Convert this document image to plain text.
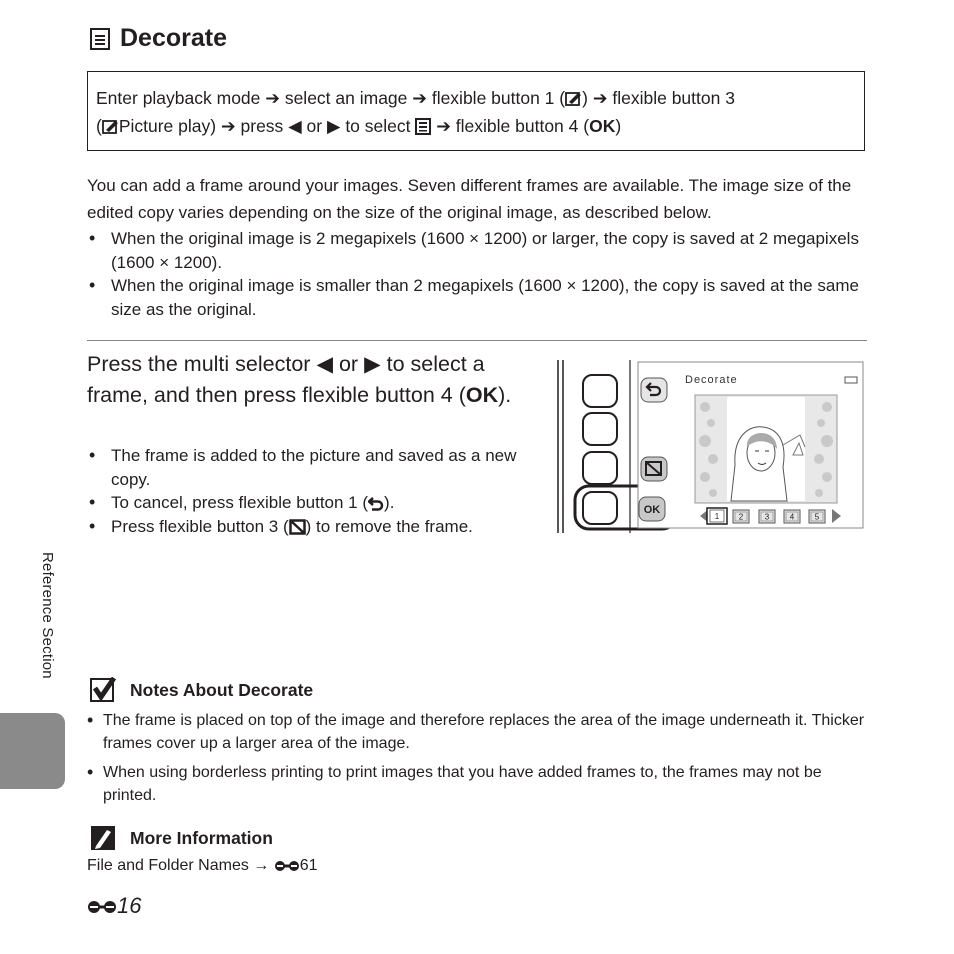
Decorate
Enter playback mode ➔ select an image ➔ flexible button 1 ( ) ➔ flexible button 3
( Picture play) ➔ press ◀ or ▶ to select ➔ flexible button 4 (OK)
You can add a frame around your images. Seven different frames are available. The image size of the edited copy varies depending on the size of the original image, as described below.
• When the original image is 2 megapixels (1600 × 1200) or larger, the copy is saved at 2 megapixels (1600 × 1200).
• When the original image is smaller than 2 megapixels (1600 × 1200), the copy is saved at the same size as the original.
Press the multi selector ◀ or ▶ to select a frame, and then press flexible button 4 (OK).
• The frame is added to the picture and saved as a new copy.
• To cancel, press flexible button 1 ( ).
• Press flexible button 3 ( ) to remove the frame.
OK
Decorate
1 2	3	4	5
Reference Section
Notes About Decorate
• The frame is placed on top of the image and therefore replaces the area of the image underneath it. Thicker frames cover up a larger area of the image.
• When using borderless printing to print images that you have added frames to, the frames may not be printed.
More Information
File and Folder Names → 61
16
